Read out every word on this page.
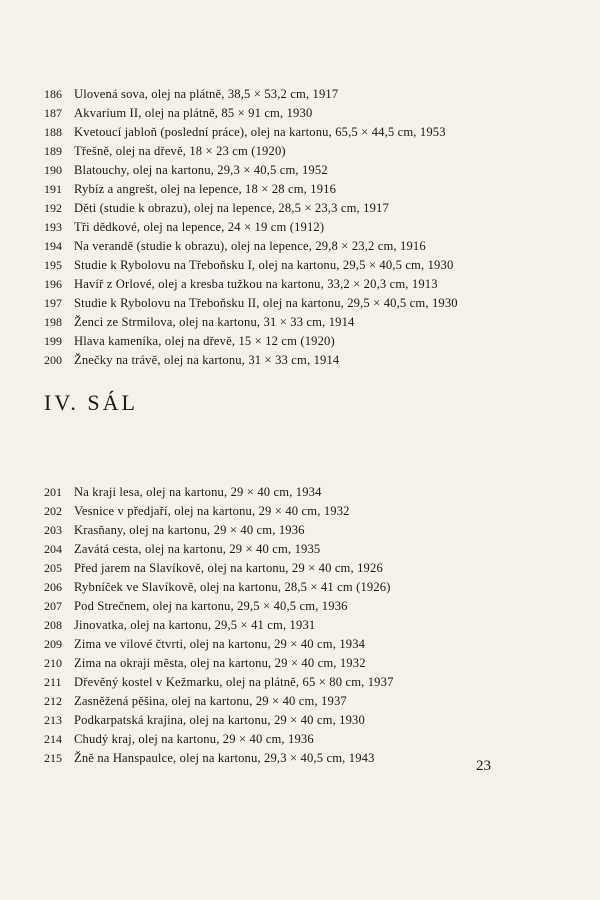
186 Ulovená sova, olej na plátně, 38,5 × 53,2 cm, 1917
187 Akvarium II, olej na plátně, 85 × 91 cm, 1930
188 Kvetoucí jabloň (poslední práce), olej na kartonu, 65,5 × 44,5 cm, 1953
189 Třešně, olej na dřevě, 18 × 23 cm (1920)
190 Blatouchy, olej na kartonu, 29,3 × 40,5 cm, 1952
191 Rybíz a angrešt, olej na lepence, 18 × 28 cm, 1916
192 Děti (studie k obrazu), olej na lepence, 28,5 × 23,3 cm, 1917
193 Tři dědkové, olej na lepence, 24 × 19 cm (1912)
194 Na verandě (studie k obrazu), olej na lepence, 29,8 × 23,2 cm, 1916
195 Studie k Rybolovu na Třeboňsku I, olej na kartonu, 29,5 × 40,5 cm, 1930
196 Havíř z Orlové, olej a kresba tužkou na kartonu, 33,2 × 20,3 cm, 1913
197 Studie k Rybolovu na Třeboňsku II, olej na kartonu, 29,5 × 40,5 cm, 1930
198 Ženci ze Strmilova, olej na kartonu, 31 × 33 cm, 1914
199 Hlava kameníka, olej na dřevě, 15 × 12 cm (1920)
200 Žnečky na trávě, olej na kartonu, 31 × 33 cm, 1914
IV. SÁL
201 Na kraji lesa, olej na kartonu, 29 × 40 cm, 1934
202 Vesnice v předjaří, olej na kartonu, 29 × 40 cm, 1932
203 Krasňany, olej na kartonu, 29 × 40 cm, 1936
204 Zavátá cesta, olej na kartonu, 29 × 40 cm, 1935
205 Před jarem na Slavíkově, olej na kartonu, 29 × 40 cm, 1926
206 Rybníček ve Slavíkově, olej na kartonu, 28,5 × 41 cm (1926)
207 Pod Strečnem, olej na kartonu, 29,5 × 40,5 cm, 1936
208 Jinovatka, olej na kartonu, 29,5 × 41 cm, 1931
209 Zima ve vilové čtvrti, olej na kartonu, 29 × 40 cm, 1934
210 Zima na okraji města, olej na kartonu, 29 × 40 cm, 1932
211 Dřevěný kostel v Kežmarku, olej na plátně, 65 × 80 cm, 1937
212 Zasněžená pěšina, olej na kartonu, 29 × 40 cm, 1937
213 Podkarpatská krajina, olej na kartonu, 29 × 40 cm, 1930
214 Chudý kraj, olej na kartonu, 29 × 40 cm, 1936
215 Žně na Hanspaulce, olej na kartonu, 29,3 × 40,5 cm, 1943	23
